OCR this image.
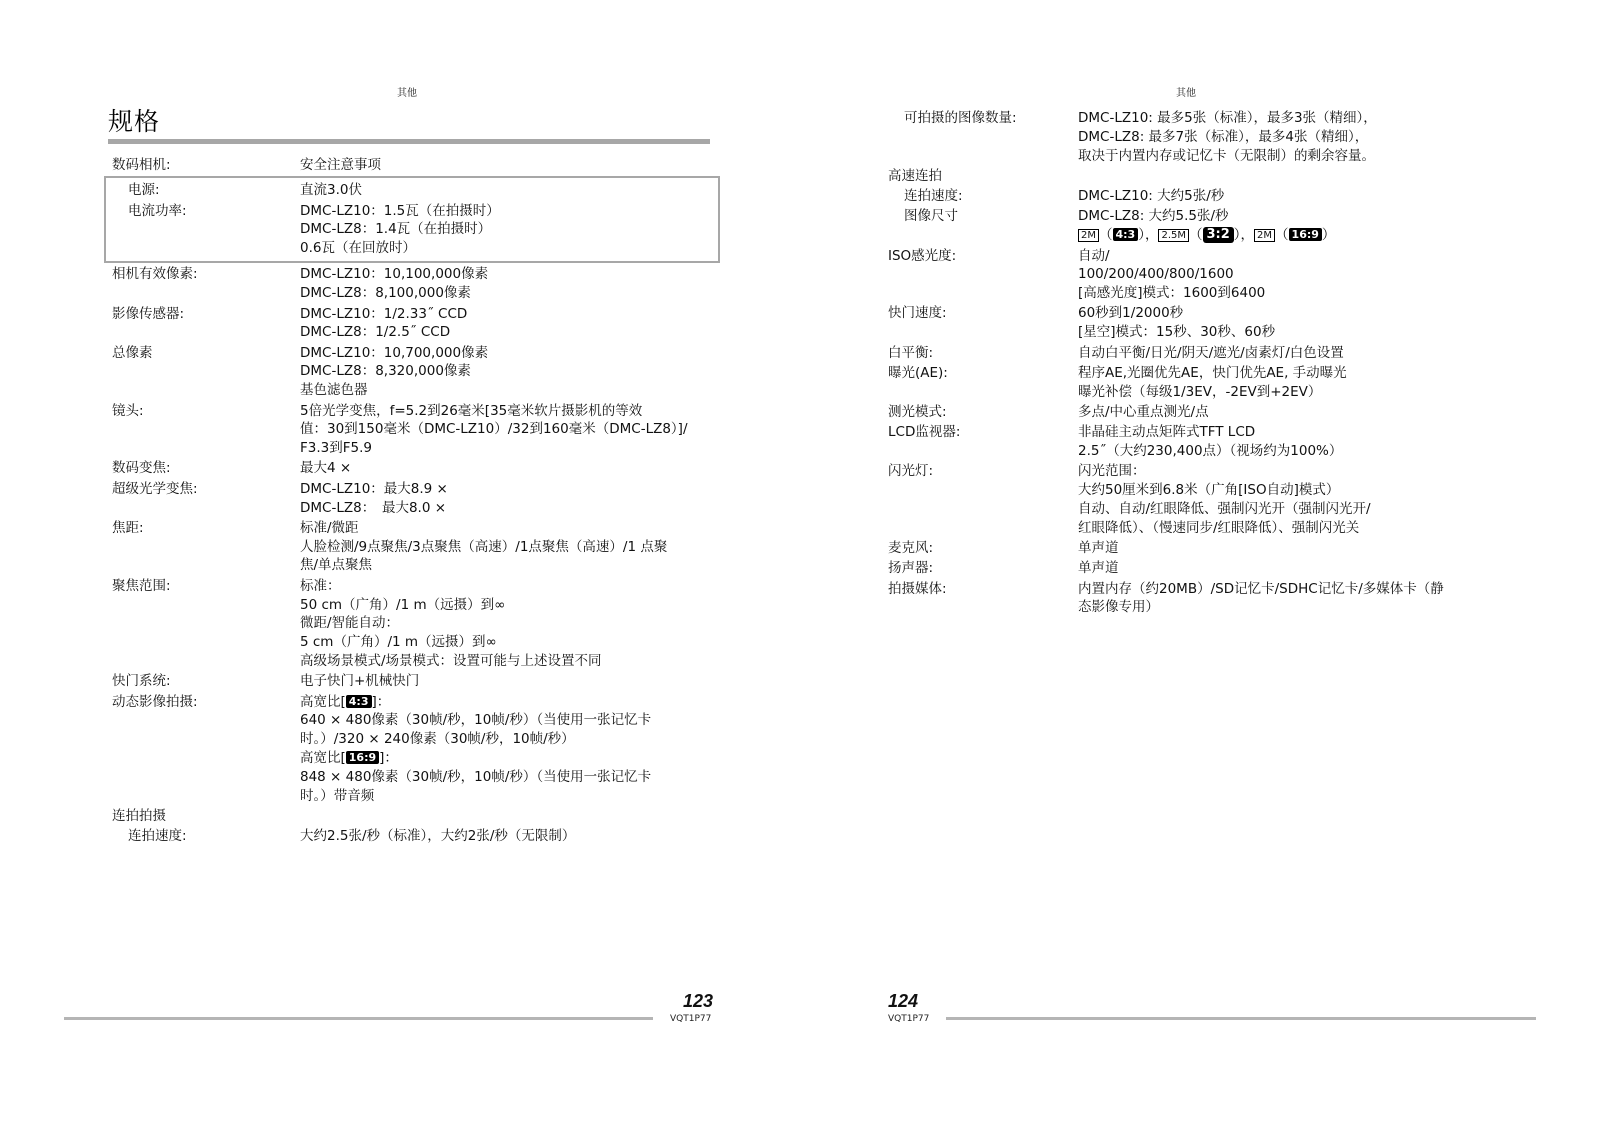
其他	其他
规格
数码相机:	安全注意事项
电源:	直流3.0伏
电流功率:	DMC-LZ10：1.5瓦（在拍摄时）
DMC-LZ8：1.4瓦（在拍摄时）
0.6瓦（在回放时）
相机有效像素:	DMC-LZ10：10,100,000像素
DMC-LZ8：8,100,000像素
影像传感器:	DMC-LZ10：1/2.33˝ CCD
DMC-LZ8：1/2.5˝ CCD
总像素	DMC-LZ10：10,700,000像素
DMC-LZ8：8,320,000像素
基色滤色器
镜头:	5倍光学变焦，f=5.2到26毫米[35毫米软片摄影机的等效
值：30到150毫米（DMC-LZ10）/32到160毫米（DMC-LZ8）]/
F3.3到F5.9
数码变焦:	最大4 ×
超级光学变焦:	DMC-LZ10：最大8.9 ×
DMC-LZ8：　最大8.0 ×
焦距:	标准/微距
人脸检测/9点聚焦/3点聚焦（高速）/1点聚焦（高速）/1 点聚
焦/单点聚焦
聚焦范围:	标准：
50 cm（广角）/1 m（远摄）到∞
微距/智能自动：
5 cm（广角）/1 m（远摄）到∞
高级场景模式/场景模式：设置可能与上述设置不同
快门系统:	电子快门+机械快门
动态影像拍摄:	高宽比[ 4:3 ]：
640 × 480像素（30帧/秒，10帧/秒）（当使用一张记忆卡
时。）/320 × 240像素（30帧/秒，10帧/秒）
高宽比[ 16:9 ]：
848 × 480像素（30帧/秒，10帧/秒）（当使用一张记忆卡
时。）带音频
连拍拍摄
连拍速度:	大约2.5张/秒（标准），大约2张/秒（无限制）
可拍摄的图像数量:	DMC-LZ10: 最多5张（标准），最多3张（精细），
DMC-LZ8: 最多7张（标准），最多4张（精细），
取决于内置内存或记忆卡（无限制）的剩余容量。
高速连拍
连拍速度:	DMC-LZ10: 大约5张/秒
图像尺寸	DMC-LZ8: 大约5.5张/秒
2M （ 4:3 ）， 2.5M （ 3:2 ）， 2M （ 16:9 ）
ISO感光度:	自动/
100/200/400/800/1600
[高感光度]模式：1600到6400
快门速度:	60秒到1/2000秒
[星空]模式：15秒、30秒、60秒
白平衡:	自动白平衡/日光/阴天/遮光/卤素灯/白色设置
曝光(AE):	程序AE,光圈优先AE，快门优先AE, 手动曝光
曝光补偿（每级1/3EV，-2EV到+2EV）
测光模式:	多点/中心重点测光/点
LCD监视器:	非晶硅主动点矩阵式TFT LCD
2.5˝（大约230,400点）（视场约为100%）
闪光灯:	闪光范围：
大约50厘米到6.8米（广角[ISO自动]模式）
自动、自动/红眼降低、强制闪光开（强制闪光开/
红眼降低）、（慢速同步/红眼降低）、强制闪光关
麦克风:	单声道
扬声器:	单声道
拍摄媒体:	内置内存（约20MB）/SD记忆卡/SDHC记忆卡/多媒体卡（静
态影像专用）
123	124
VQT1P77	VQT1P77
